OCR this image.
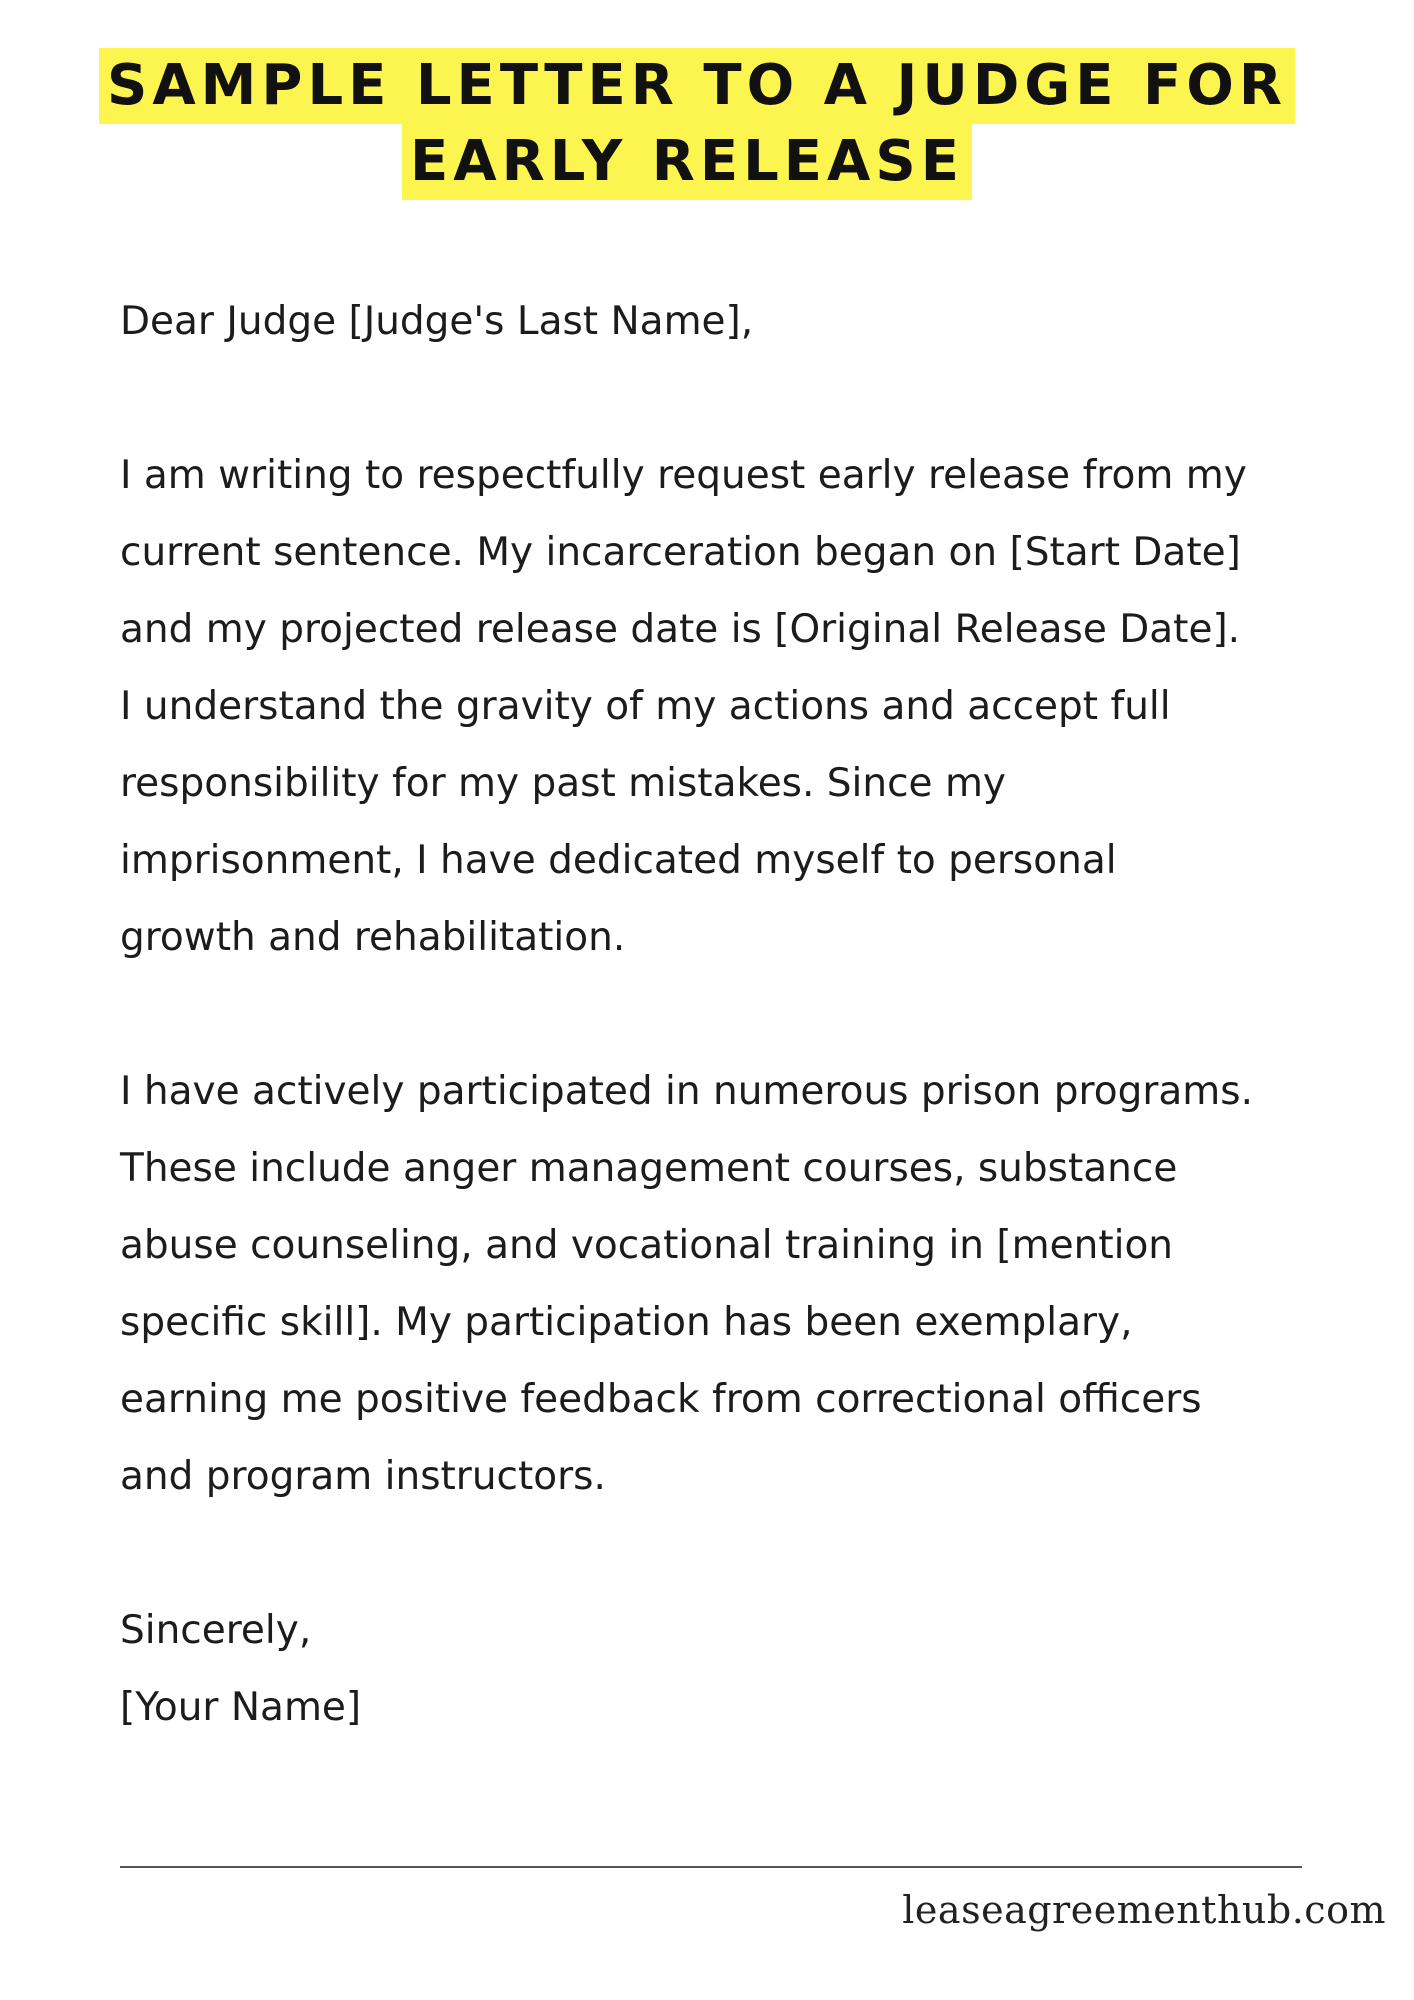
SAMPLE LETTER TO A JUDGE FOR
EARLY RELEASE

Dear Judge [Judge's Last Name],

I am writing to respectfully request early release from my
current sentence. My incarceration began on [Start Date]
and my projected release date is [Original Release Date].
I understand the gravity of my actions and accept full
responsibility for my past mistakes. Since my
imprisonment, I have dedicated myself to personal
growth and rehabilitation.

I have actively participated in numerous prison programs.
These include anger management courses, substance
abuse counseling, and vocational training in [mention
specific skill]. My participation has been exemplary,
earning me positive feedback from correctional officers
and program instructors.

Sincerely,

[Your Name]

leaseagreementhub.com
